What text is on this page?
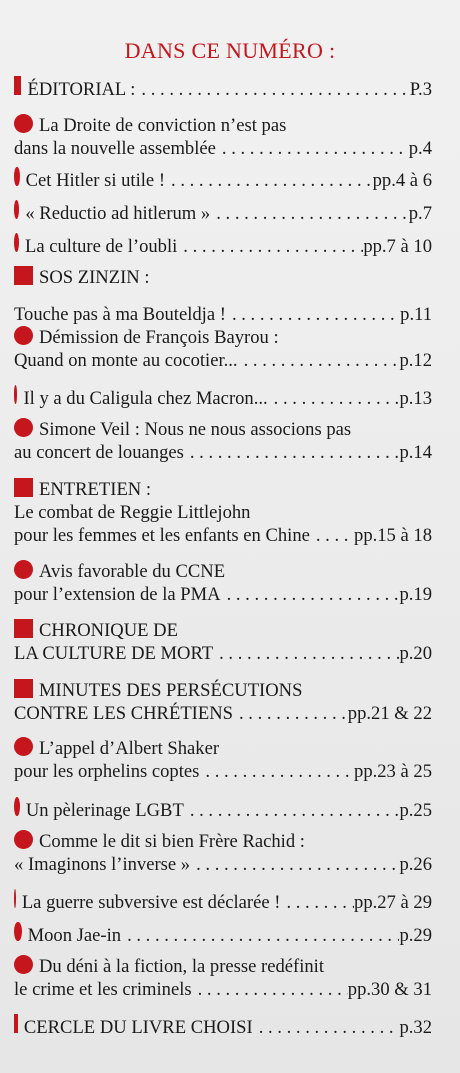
DANS CE NUMÉRO :
ÉDITORIAL : . . .	P.3
La Droite de conviction n’est pas
dans la nouvelle assemblée . . .	p.4
Cet Hitler si utile ! . . .	pp.4 à 6
« Reductio ad hitlerum » . . .	p.7
La culture de l’oubli . . .	pp.7 à 10
SOS ZINZIN :
Touche pas à ma Bouteldja ! . . .	p.11
Démission de François Bayrou :
Quand on monte au cocotier... . . .	p.12
Il y a du Caligula chez Macron... . . .	p.13
Simone Veil : Nous ne nous associons pas
au concert de louanges . . .	p.14
ENTRETIEN :
Le combat de Reggie Littlejohn
pour les femmes et les enfants en Chine . . . pp.15 à 18
Avis favorable du CCNE
pour l’extension de la PMA . . .	p.19
CHRONIQUE DE
LA CULTURE DE MORT . . .	p.20
MINUTES DES PERSÉCUTIONS
CONTRE LES CHRÉTIENS . . .	pp.21 & 22
L’appel d’Albert Shaker
pour les orphelins coptes . . .	pp.23 à 25
Un pèlerinage LGBT . . .	p.25
Comme le dit si bien Frère Rachid :
« Imaginons l’inverse » . . .	p.26
La guerre subversive est déclarée ! . . .	pp.27 à 29
Moon Jae-in . . .	p.29
Du déni à la fiction, la presse redéfinit
le crime et les criminels . . .	pp.30 & 31
CERCLE DU LIVRE CHOISI . . .	p.32
